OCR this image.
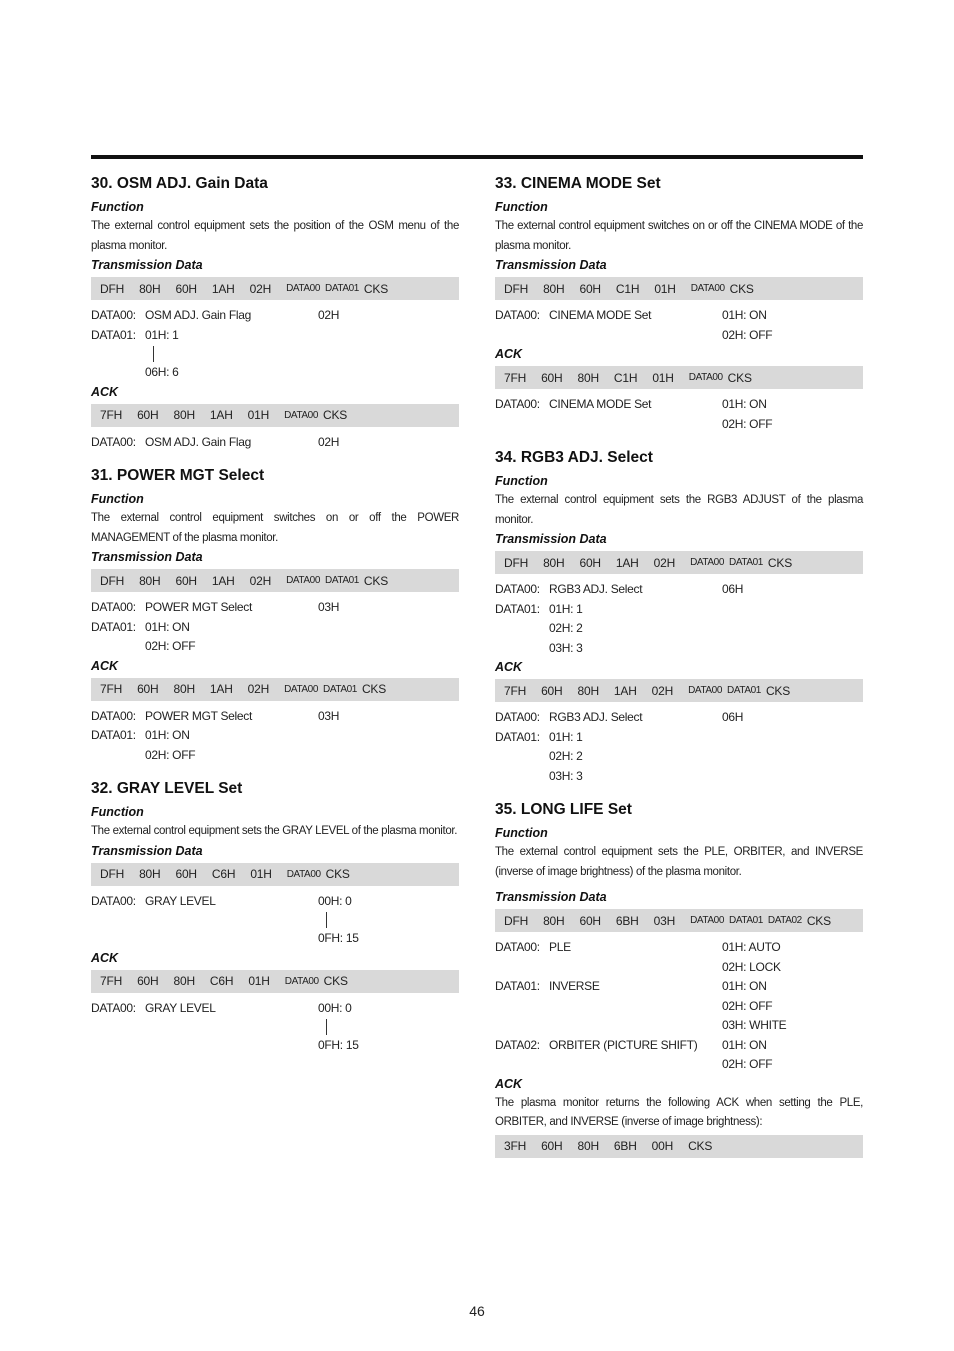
30. OSM ADJ. Gain Data
Function
The external control equipment sets the position of the OSM menu of the plasma monitor.
Transmission Data
DFH 80H 60H 1AH 02H DATA00 DATA01 CKS
DATA00: OSM ADJ. Gain Flag	02H
DATA01: 01H: 1
06H: 6
ACK
7FH 60H 80H 1AH 01H DATA00 CKS
DATA00: OSM ADJ. Gain Flag	02H
31. POWER MGT Select
Function
The external control equipment switches on or off the POWER MANAGEMENT of the plasma monitor.
Transmission Data
DFH 80H 60H 1AH 02H DATA00 DATA01 CKS
DATA00: POWER MGT Select	03H
DATA01: 01H: ON
02H: OFF
ACK
7FH 60H 80H 1AH 02H DATA00 DATA01 CKS
DATA00: POWER MGT Select	03H
DATA01: 01H: ON
02H: OFF
32. GRAY LEVEL Set
Function
The external control equipment sets the GRAY LEVEL of the plasma monitor.
Transmission Data
DFH 80H 60H C6H 01H DATA00 CKS
DATA00: GRAY LEVEL	00H: 0
0FH: 15
ACK
7FH 60H 80H C6H 01H DATA00 CKS
DATA00: GRAY LEVEL	00H: 0
0FH: 15
33. CINEMA MODE Set
Function
The external control equipment switches on or off the CINEMA MODE of the plasma monitor.
Transmission Data
DFH 80H 60H C1H 01H DATA00 CKS
DATA00: CINEMA MODE Set	01H: ON
02H: OFF
ACK
7FH 60H 80H C1H 01H DATA00 CKS
DATA00: CINEMA MODE Set	01H: ON
02H: OFF
34. RGB3 ADJ. Select
Function
The external control equipment sets the RGB3 ADJUST of the plasma monitor.
Transmission Data
DFH 80H 60H 1AH 02H DATA00 DATA01 CKS
DATA00: RGB3 ADJ. Select	06H
DATA01: 01H: 1
02H: 2
03H: 3
ACK
7FH 60H 80H 1AH 02H DATA00 DATA01 CKS
DATA00: RGB3 ADJ. Select	06H
DATA01: 01H: 1
02H: 2
03H: 3
35. LONG LIFE Set
Function
The external control equipment sets the PLE, ORBITER, and INVERSE (inverse of image brightness) of the plasma monitor.
Transmission Data
DFH 80H 60H 6BH 03H DATA00 DATA01 DATA02 CKS
DATA00: PLE	01H: AUTO
02H: LOCK
DATA01: INVERSE	01H: ON
02H: OFF
03H: WHITE
DATA02: ORBITER (PICTURE SHIFT)	01H: ON
02H: OFF
ACK
The plasma monitor returns the following ACK when setting the PLE, ORBITER, and INVERSE (inverse of image brightness):
3FH 60H 80H 6BH 00H CKS
46
